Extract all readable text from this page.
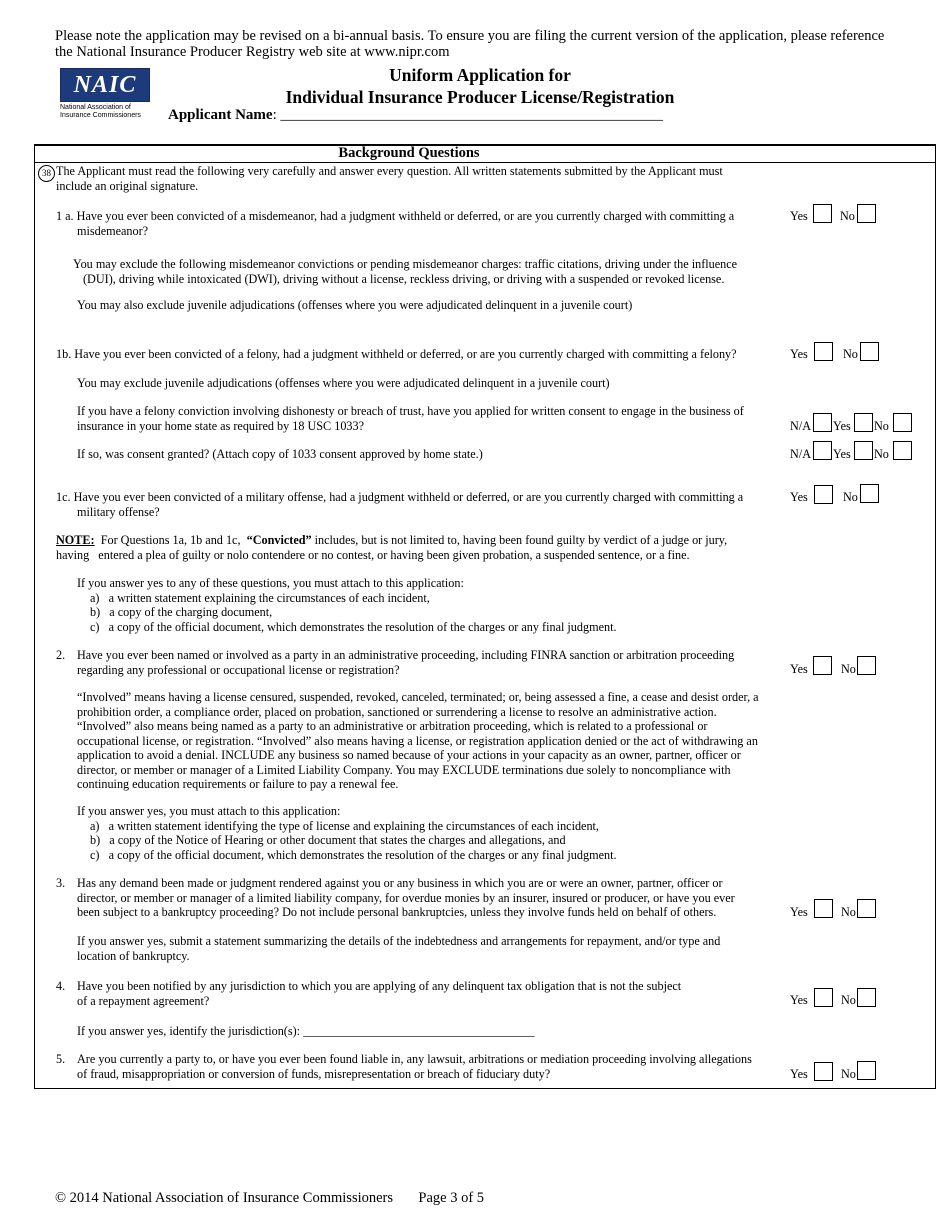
Please note the application may be revised on a bi-annual basis. To ensure you are filing the current version of the application, please reference the National Insurance Producer Registry web site at www.nipr.com
NAIC
National Association of
Insurance Commissioners
Uniform Application for
Individual Insurance Producer License/Registration
Applicant Name: ___________________________________________________
Background Questions
38 The Applicant must read the following very carefully and answer every question. All written statements submitted by the Applicant must include an original signature.
1 a. Have you ever been convicted of a misdemeanor, had a judgment withheld or deferred, or are you currently charged with committing a
misdemeanor?
Yes	No
You may exclude the following misdemeanor convictions or pending misdemeanor charges: traffic citations, driving under the influence
(DUI), driving while intoxicated (DWI), driving without a license, reckless driving, or driving with a suspended or revoked license.
You may also exclude juvenile adjudications (offenses where you were adjudicated delinquent in a juvenile court)
1b. Have you ever been convicted of a felony, had a judgment withheld or deferred, or are you currently charged with committing a felony?	Yes	No
You may exclude juvenile adjudications (offenses where you were adjudicated delinquent in a juvenile court)
If you have a felony conviction involving dishonesty or breach of trust, have you applied for written consent to engage in the business of
insurance in your home state as required by 18 USC 1033?	N/A Yes No
If so, was consent granted? (Attach copy of 1033 consent approved by home state.)	N/A Yes No
1c. Have you ever been convicted of a military offense, had a judgment withheld or deferred, or are you currently charged with committing a
military offense?
Yes	No
NOTE:  For Questions 1a, 1b and 1c,  “Convicted” includes, but is not limited to, having been found guilty by verdict of a judge or jury,
having   entered a plea of guilty or nolo contendere or no contest, or having been given probation, a suspended sentence, or a fine.
If you answer yes to any of these questions, you must attach to this application:
a)   a written statement explaining the circumstances of each incident,
b)   a copy of the charging document,
c)   a copy of the official document, which demonstrates the resolution of the charges or any final judgment.
2. Have you ever been named or involved as a party in an administrative proceeding, including FINRA sanction or arbitration proceeding
regarding any professional or occupational license or registration?	Yes	No
“Involved” means having a license censured, suspended, revoked, canceled, terminated; or, being assessed a fine, a cease and desist order, a
prohibition order, a compliance order, placed on probation, sanctioned or surrendering a license to resolve an administrative action.
“Involved” also means being named as a party to an administrative or arbitration proceeding, which is related to a professional or
occupational license, or registration. “Involved” also means having a license, or registration application denied or the act of withdrawing an
application to avoid a denial. INCLUDE any business so named because of your actions in your capacity as an owner, partner, officer or
director, or member or manager of a Limited Liability Company. You may EXCLUDE terminations due solely to noncompliance with
continuing education requirements or failure to pay a renewal fee.
If you answer yes, you must attach to this application:
a)   a written statement identifying the type of license and explaining the circumstances of each incident,
b)   a copy of the Notice of Hearing or other document that states the charges and allegations, and
c)   a copy of the official document, which demonstrates the resolution of the charges or any final judgment.
3. Has any demand been made or judgment rendered against you or any business in which you are or were an owner, partner, officer or
director, or member or manager of a limited liability company, for overdue monies by an insurer, insured or producer, or have you ever
been subject to a bankruptcy proceeding? Do not include personal bankruptcies, unless they involve funds held on behalf of others.	Yes	No
If you answer yes, submit a statement summarizing the details of the indebtedness and arrangements for repayment, and/or type and
location of bankruptcy.
4. Have you been notified by any jurisdiction to which you are applying of any delinquent tax obligation that is not the subject
of a repayment agreement?	Yes	No
If you answer yes, identify the jurisdiction(s): ______________________________________
5. Are you currently a party to, or have you ever been found liable in, any lawsuit, arbitrations or mediation proceeding involving allegations
of fraud, misappropriation or conversion of funds, misrepresentation or breach of fiduciary duty?	Yes	No
© 2014 National Association of Insurance Commissioners       Page 3 of 5
